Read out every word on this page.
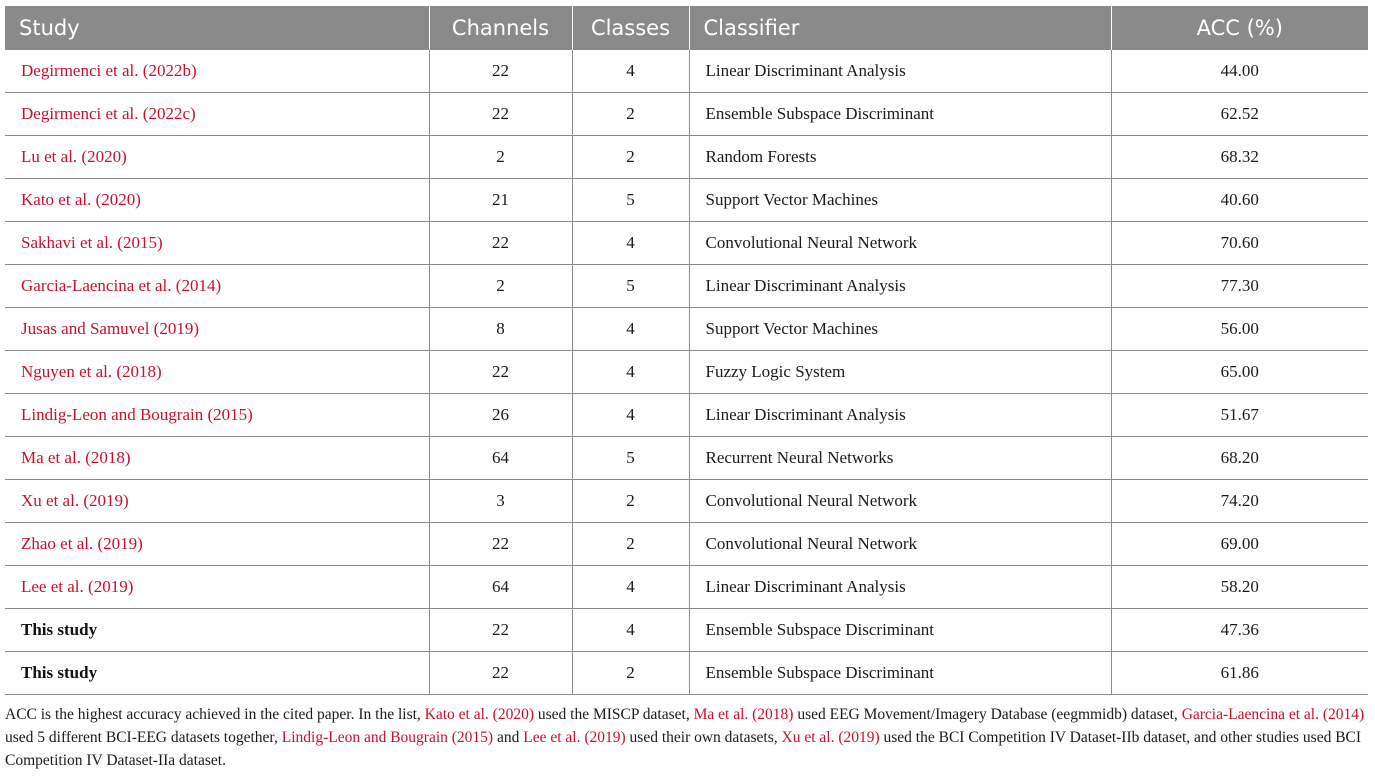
Study	Channels	Classes	Classifier	ACC (%)
Degirmenci et al. (2022b)	22	4	Linear Discriminant Analysis	44.00
Degirmenci et al. (2022c)	22	2	Ensemble Subspace Discriminant	62.52
Lu et al. (2020)	2	2	Random Forests	68.32
Kato et al. (2020)	21	5	Support Vector Machines	40.60
Sakhavi et al. (2015)	22	4	Convolutional Neural Network	70.60
Garcia-Laencina et al. (2014)	2	5	Linear Discriminant Analysis	77.30
Jusas and Samuvel (2019)	8	4	Support Vector Machines	56.00
Nguyen et al. (2018)	22	4	Fuzzy Logic System	65.00
Lindig-Leon and Bougrain (2015)	26	4	Linear Discriminant Analysis	51.67
Ma et al. (2018)	64	5	Recurrent Neural Networks	68.20
Xu et al. (2019)	3	2	Convolutional Neural Network	74.20
Zhao et al. (2019)	22	2	Convolutional Neural Network	69.00
Lee et al. (2019)	64	4	Linear Discriminant Analysis	58.20
This study	22	4	Ensemble Subspace Discriminant	47.36
This study	22	2	Ensemble Subspace Discriminant	61.86
ACC is the highest accuracy achieved in the cited paper. In the list, Kato et al. (2020) used the MISCP dataset, Ma et al. (2018) used EEG Movement/Imagery Database (eegmmidb) dataset, Garcia-Laencina et al. (2014) used 5 different BCI-EEG datasets together, Lindig-Leon and Bougrain (2015) and Lee et al. (2019) used their own datasets, Xu et al. (2019) used the BCI Competition IV Dataset-IIb dataset, and other studies used BCI Competition IV Dataset-IIa dataset.
